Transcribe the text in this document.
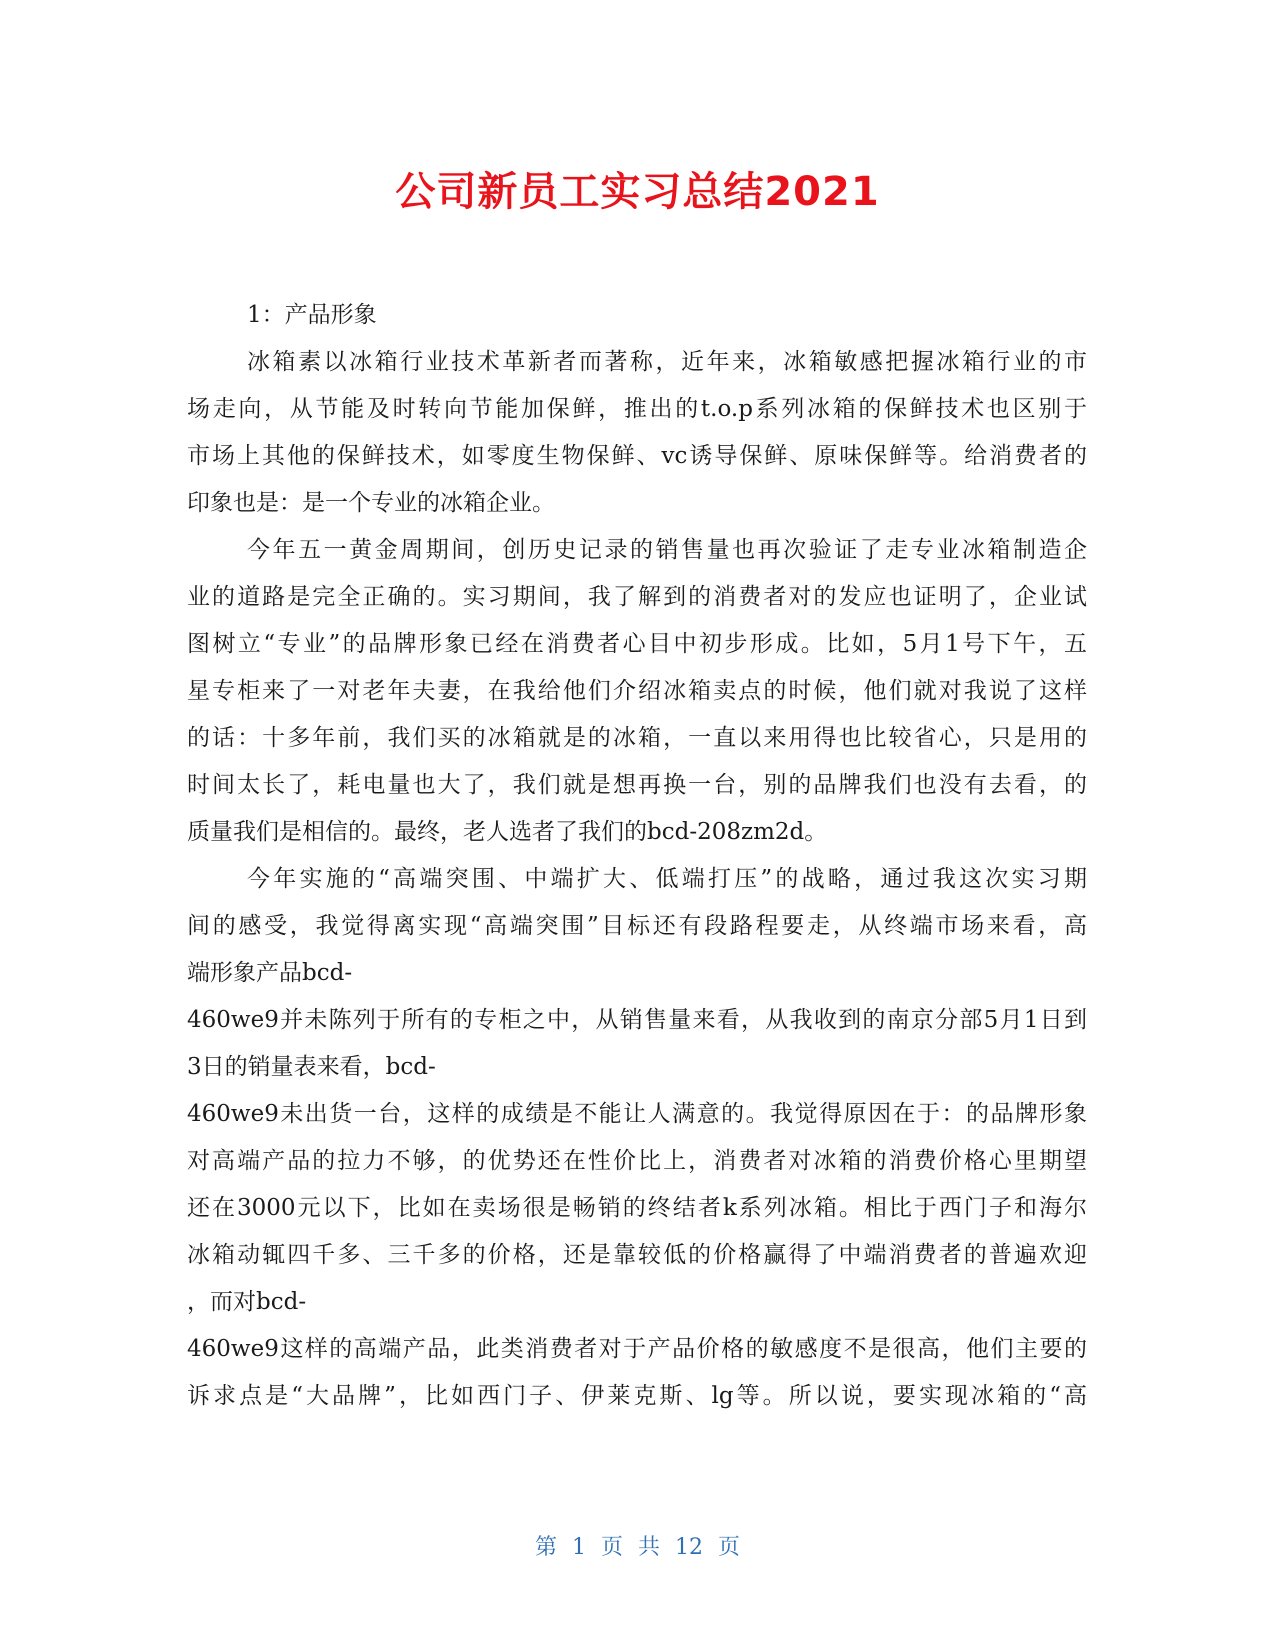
公司新员工实习总结2021
1：产品形象
冰箱素以冰箱行业技术革新者而著称，近年来，冰箱敏感把握冰箱行业的市
场走向，从节能及时转向节能加保鲜，推出的t.o.p系列冰箱的保鲜技术也区别于
市场上其他的保鲜技术，如零度生物保鲜、vc诱导保鲜、原味保鲜等。给消费者的
印象也是：是一个专业的冰箱企业。
今年五一黄金周期间，创历史记录的销售量也再次验证了走专业冰箱制造企
业的道路是完全正确的。实习期间，我了解到的消费者对的发应也证明了，企业试
图树立“专业”的品牌形象已经在消费者心目中初步形成。比如，5月1号下午，五
星专柜来了一对老年夫妻，在我给他们介绍冰箱卖点的时候，他们就对我说了这样
的话：十多年前，我们买的冰箱就是的冰箱，一直以来用得也比较省心，只是用的
时间太长了，耗电量也大了，我们就是想再换一台，别的品牌我们也没有去看，的
质量我们是相信的。最终，老人选者了我们的bcd-208zm2d。
今年实施的“高端突围、中端扩大、低端打压”的战略，通过我这次实习期
间的感受，我觉得离实现“高端突围”目标还有段路程要走，从终端市场来看，高
端形象产品bcd-
460we9并未陈列于所有的专柜之中，从销售量来看，从我收到的南京分部5月1日到
3日的销量表来看，bcd-
460we9未出货一台，这样的成绩是不能让人满意的。我觉得原因在于：的品牌形象
对高端产品的拉力不够，的优势还在性价比上，消费者对冰箱的消费价格心里期望
还在3000元以下，比如在卖场很是畅销的终结者k系列冰箱。相比于西门子和海尔
冰箱动辄四千多、三千多的价格，还是靠较低的价格赢得了中端消费者的普遍欢迎
，而对bcd-
460we9这样的高端产品，此类消费者对于产品价格的敏感度不是很高，他们主要的
诉求点是“大品牌”，比如西门子、伊莱克斯、lg等。所以说，要实现冰箱的“高
第 1 页 共 12 页
